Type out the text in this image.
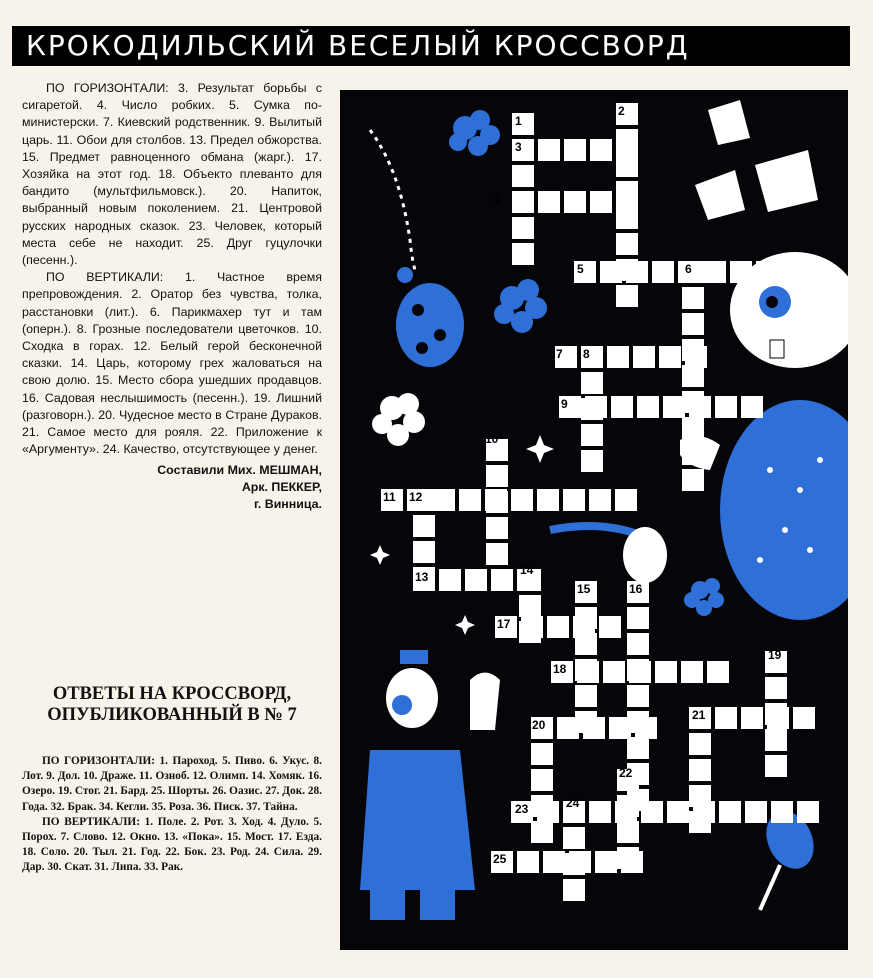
КРОКОДИЛЬСКИЙ ВЕСЕЛЫЙ КРОССВОРД

ПО ГОРИЗОНТАЛИ: 3. Результат борьбы с сигаретой. 4. Число робких. 5. Сумка по-министерски. 7. Киевский родственник. 9. Вылитый царь. 11. Обои для столбов. 13. Предел обжорства. 15. Предмет равноценного обмана (жарг.). 17. Хозяйка на этот год. 18. Объекто плеванто для бандито (мультфильмовск.). 20. Напиток, выбранный новым поколением. 21. Центровой русских народных сказок. 23. Человек, который места себе не находит. 25. Друг гуцулочки (песенн.).

ПО ВЕРТИКАЛИ: 1. Частное время препровождения. 2. Оратор без чувства, толка, расстановки (лит.). 6. Парикмахер тут и там (оперн.). 8. Грозные последователи цветочков. 10. Сходка в горах. 12. Белый герой бесконечной сказки. 14. Царь, которому грех жаловаться на свою долю. 15. Место сбора ушедших продавцов. 16. Садовая неслышимость (песенн.). 19. Лишний (разговорн.). 20. Чудесное место в Стране Дураков. 21. Самое место для рояля. 22. Приложение к «Аргументу». 24. Качество, отсутствующее у денег.

Составили Мих. МЕШМАН,
Арк. ПЕККЕР,
г. Винница.
ОТВЕТЫ НА КРОССВОРД, ОПУБЛИКОВАННЫЙ В № 7

ПО ГОРИЗОНТАЛИ: 1. Пароход. 5. Пиво. 6. Укус. 8. Лот. 9. Дол. 10. Драже. 11. Озноб. 12. Олимп. 14. Хомяк. 16. Озеро. 19. Стог. 21. Бард. 25. Шорты. 26. Оазис. 27. Док. 28. Года. 32. Брак. 34. Кегли. 35. Роза. 36. Писк. 37. Тайна.

ПО ВЕРТИКАЛИ: 1. Поле. 2. Рот. 3. Ход. 4. Дуло. 5. Порох. 7. Слово. 12. Окно. 13. «Пока». 15. Мост. 17. Езда. 18. Соло. 20. Тыл. 21. Год. 22. Бок. 23. Род. 24. Сила. 29. Дар. 30. Скат. 31. Липа. 33. Рак.

1
2
3
4
5	6
7 8
9
10
11 12
13	14
15	16
17
18
19
20
21
22
23	24
25
